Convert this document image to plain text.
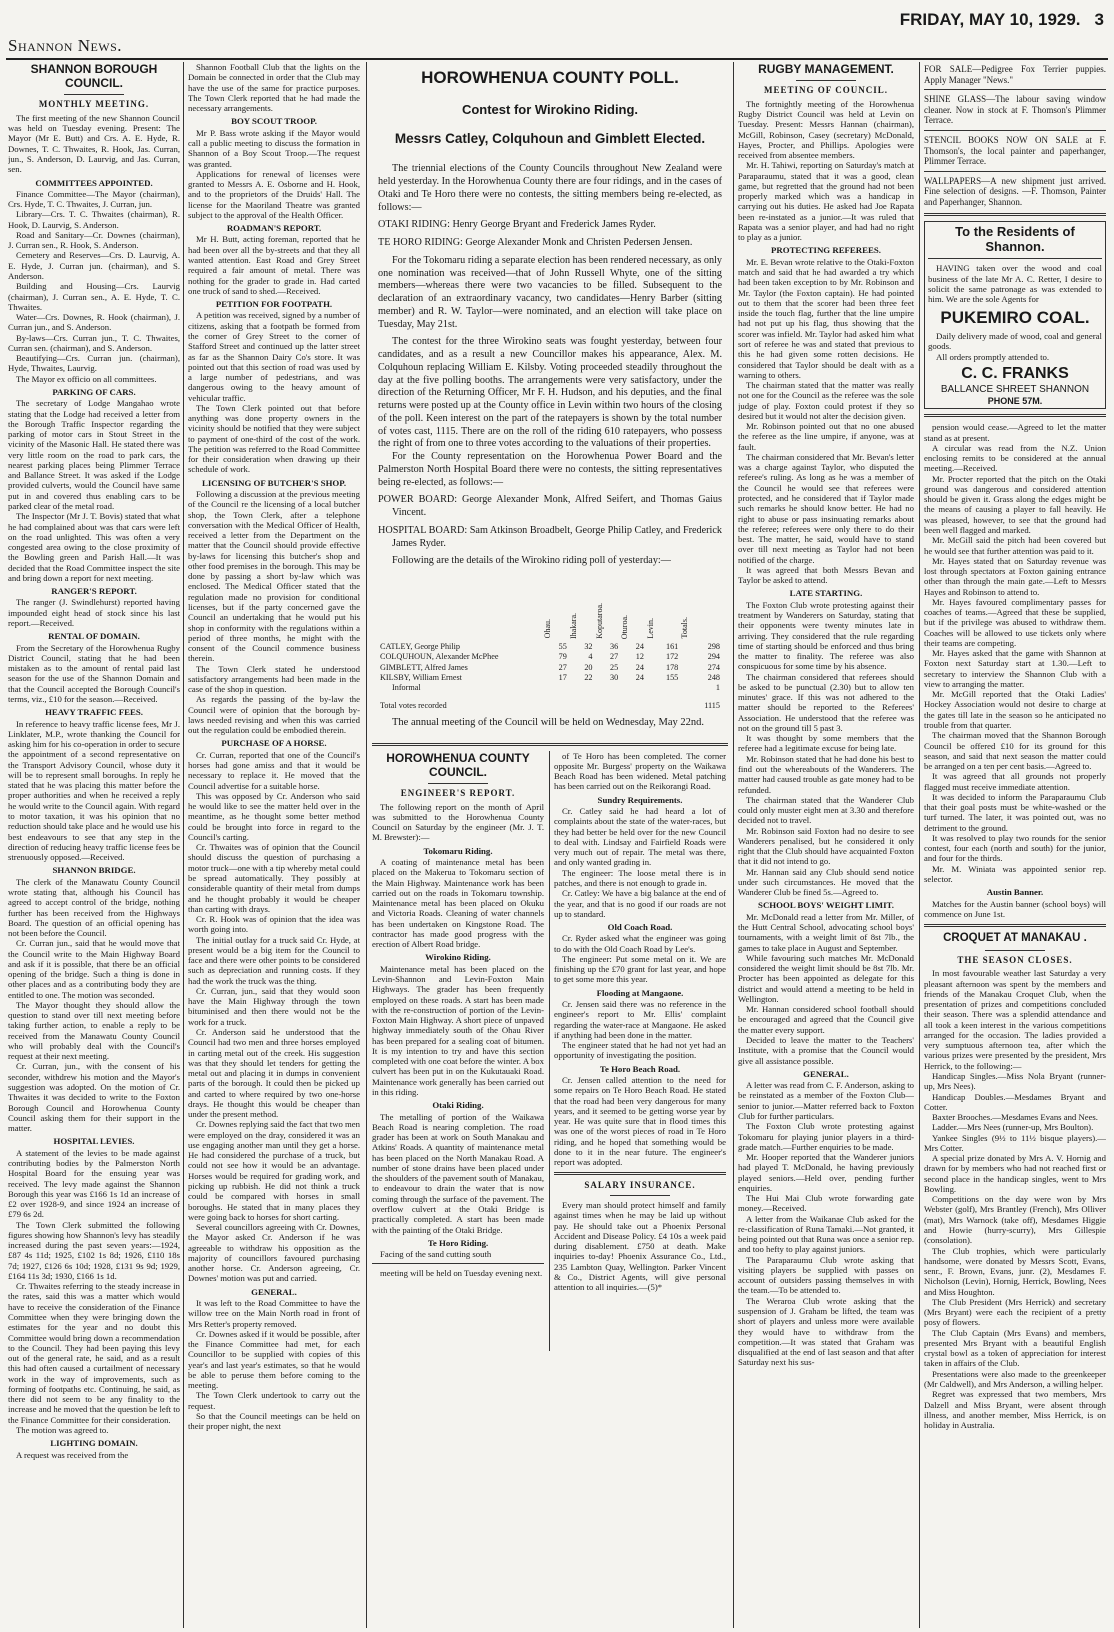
Shannon News.
FRIDAY, MAY 10, 1929. 3
SHANNON BOROUGH COUNCIL.
MONTHLY MEETING.

The first meeting of the new Shannon Council was held on Tuesday evening. Present: The Mayor (Mr E. Butt) and Crs. A. E. Hyde, R. Downes, T. C. Thwaites, R. Hook, Jas. Curran, jun., S. Anderson, D. Laurvig, and Jas. Curran, sen.

COMMITTEES APPOINTED.

Finance Committee—The Mayor (chairman), Crs. Hyde, T. C. Thwaites, J. Curran, jun.

Library—Crs. T. C. Thwaites (chairman), R. Hook, D. Laurvig, S. Anderson.

Road and Sanitary—Cr. Downes (chairman), J. Curran sen., R. Hook, S. Anderson.

Cemetery and Reserves—Crs. D. Laurvig, A. E. Hyde, J. Curran jun. (chairman), and S. Anderson.

Building and Housing—Crs. Laurvig (chairman), J. Curran sen., A. E. Hyde, T. C. Thwaites.

Water—Crs. Downes, R. Hook (chairman), J. Curran jun., and S. Anderson.

By-laws—Crs. Curran jun., T. C. Thwaites, Curran sen. (chairman), and S. Anderson.

Beautifying—Crs. Curran jun. (chairman), Hyde, Thwaites, Laurvig.

The Mayor ex officio on all committees.

PARKING OF CARS.

The secretary of Lodge Mangahao wrote stating that the Lodge had received a letter from the Borough Traffic Inspector regarding the parking of motor cars in Stout Street in the vicinity of the Masonic Hall. He stated there was very little room on the road to park cars, the nearest parking places being Plimmer Terrace and Ballance Street. It was asked if the Lodge provided culverts, would the Council have same put in and covered thus enabling cars to be parked clear of the metal road.

The Inspector (Mr J. T. Bovis) stated that what he had complained about was that cars were left on the road unlighted. This was often a very congested area owing to the close proximity of the Bowling green and Parish Hall.—It was decided that the Road Committee inspect the site and bring down a report for next meeting.

RANGER'S REPORT.

The ranger (J. Swindlehurst) reported having impounded eight head of stock since his last report.—Received.

RENTAL OF DOMAIN.

From the Secretary of the Horowhenua Rugby District Council, stating that he had been mistaken as to the amount of rental paid last season for the use of the Shannon Domain and that the Council accepted the Borough Council's terms, viz., £10 for the season.—Received.

HEAVY TRAFFIC FEES.

In reference to heavy traffic license fees, Mr J. Linklater, M.P., wrote thanking the Council for asking him for his co-operation in order to secure the appointment of a second representative on the Transport Advisory Council, whose duty it will be to represent small boroughs. In reply he stated that he was placing this matter before the proper authorities and when he received a reply he would write to the Council again. With regard to motor taxation, it was his opinion that no reduction should take place and he would use his best endeavours to see that any step in the direction of reducing heavy traffic license fees be strenuously opposed.—Received.

SHANNON BRIDGE.

The clerk of the Manawatu County Council wrote stating that, although his Council has agreed to accept control of the bridge, nothing further has been received from the Highways Board. The question of an official opening has not been before the Council.

Cr. Curran jun., said that he would move that the Council write to the Main Highway Board and ask if it is possible, that there be an official opening of the bridge. Such a thing is done in other places and as a contributing body they are entitled to one. The motion was seconded.

The Mayor thought they should allow the question to stand over till next meeting before taking further action, to enable a reply to be received from the Manawatu County Council who will probably deal with the Council's request at their next meeting.

Cr. Curran, jun., with the consent of his seconder, withdrew his motion and the Mayor's suggestion was adopted. On the motion of Cr. Thwaites it was decided to write to the Foxton Borough Council and Horowhenua County Council asking them for their support in the matter.

HOSPITAL LEVIES.

A statement of the levies to be made against contributing bodies by the Palmerston North Hospital Board for the ensuing year was received. The levy made against the Shannon Borough this year was £166 1s 1d an increase of £2 over 1928-9, and since 1924 an increase of £79 6s 2d.

The Town Clerk submitted the following figures showing how Shannon's levy has steadily increased during the past seven years:—1924, £87 4s 11d; 1925, £102 1s 8d; 1926, £110 18s 7d; 1927, £126 6s 10d; 1928, £131 9s 9d; 1929, £164 11s 3d; 1930, £166 1s 1d.

Cr. Thwaites referring to the steady increase in the rates, said this was a matter which would have to receive the consideration of the Finance Committee when they were bringing down the estimates for the year and no doubt this Committee would bring down a recommendation to the Council. They had been paying this levy out of the general rate, he said, and as a result this had often caused a curtailment of necessary work in the way of improvements, such as forming of footpaths etc. Continuing, he said, as there did not seem to be any finality to the increase and he moved that the question be left to the Finance Committee for their consideration.

The motion was agreed to.

LIGHTING DOMAIN.

A request was received from the

Shannon Football Club that the lights on the Domain be connected in order that the Club may have the use of the same for practice purposes. The Town Clerk reported that he had made the necessary arrangements.

BOY SCOUT TROOP.

Mr P. Bass wrote asking if the Mayor would call a public meeting to discuss the formation in Shannon of a Boy Scout Troop.—The request was granted.

Applications for renewal of licenses were granted to Messrs A. E. Osborne and H. Hook, and to the proprietors of the Druids' Hall. The license for the Maoriland Theatre was granted subject to the approval of the Health Officer.

ROADMAN'S REPORT.

Mr H. Butt, acting foreman, reported that he had been over all the by-streets and that they all wanted attention. East Road and Grey Street required a fair amount of metal. There was nothing for the grader to grade in. Had carted one truck of sand to shed.—Received.

PETITION FOR FOOTPATH.

A petition was received, signed by a number of citizens, asking that a footpath be formed from the corner of Grey Street to the corner of Stafford Street and continued up the latter street as far as the Shannon Dairy Co's store. It was pointed out that this section of road was used by a large number of pedestrians, and was dangerous owing to the heavy amount of vehicular traffic.

The Town Clerk pointed out that before anything was done property owners in the vicinity should be notified that they were subject to payment of one-third of the cost of the work. The petition was referred to the Road Committee for their consideration when drawing up their schedule of work.

LICENSING OF BUTCHER'S SHOP.

Following a discussion at the previous meeting of the Council re the licensing of a local butcher shop, the Town Clerk, after a telephone conversation with the Medical Officer of Health, received a letter from the Department on the matter that the Council should provide effective by-laws for licensing this butcher's shop and other food premises in the borough. This may be done by passing a short by-law which was enclosed. The Medical Officer stated that the regulation made no provision for conditional licenses, but if the party concerned gave the Council an undertaking that he would put his shop in conformity with the regulations within a period of three months, he might with the consent of the Council commence business therein.

The Town Clerk stated he understood satisfactory arrangements had been made in the case of the shop in question.

As regards the passing of the by-law the Council were of opinion that the borough by-laws needed revising and when this was carried out the regulation could be embodied therein.

PURCHASE OF A HORSE.

Cr. Curran, reported that one of the Council's horses had gone amiss and that it would be necessary to replace it. He moved that the Council advertise for a suitable horse.

This was opposed by Cr. Anderson who said he would like to see the matter held over in the meantime, as he thought some better method could be brought into force in regard to the Council's carting.

Cr. Thwaites was of opinion that the Council should discuss the question of purchasing a motor truck—one with a tip whereby metal could be spread automatically. They possibly at considerable quantity of their metal from dumps and he thought probably it would be cheaper than carting with drays.

Cr. R. Hook was of opinion that the idea was worth going into.

The initial outlay for a truck said Cr. Hyde, at present would be a big item for the Council to face and there were other points to be considered such as depreciation and running costs. If they had the work the truck was the thing.

Cr. Curran, jun., said that they would soon have the Main Highway through the town bituminised and then there would not be the work for a truck.

Cr. Anderson said he understood that the Council had two men and three horses employed in carting metal out of the creek. His suggestion was that they should let tenders for getting the metal out and placing it in dumps in convenient parts of the borough. It could then be picked up and carted to where required by two one-horse drays. He thought this would be cheaper than under the present method.

Cr. Downes replying said the fact that two men were employed on the dray, considered it was an use engaging another man until they get a horse. He had considered the purchase of a truck, but could not see how it would be an advantage. Horses would be required for grading work, and picking up rubbish. He did not think a truck could be compared with horses in small boroughs. He stated that in many places they were going back to horses for short carting.

Several councillors agreeing with Cr. Downes, the Mayor asked Cr. Anderson if he was agreeable to withdraw his opposition as the majority of councillors favoured purchasing another horse. Cr. Anderson agreeing, Cr. Downes' motion was put and carried.

GENERAL.

It was left to the Road Committee to have the willow tree on the Main North road in front of Mrs Retter's property removed.

Cr. Downes asked if it would be possible, after the Finance Committee had met, for each Councillor to be supplied with copies of this year's and last year's estimates, so that he would be able to peruse them before coming to the meeting.

The Town Clerk undertook to carry out the request.

So that the Council meetings can be held on their proper night, the next

HOROWHENUA COUNTY POLL.
Contest for Wirokino Riding.
Messrs Catley, Colquhoun and Gimblett Elected.

The triennial elections of the County Councils throughout New Zealand were held yesterday. In the Horowhenua County there are four ridings, and in the cases of Otaki and Te Horo there were no contests, the sitting members being re-elected, as follows:—

OTAKI RIDING: Henry George Bryant and Frederick James Ryder.
TE HORO RIDING: George Alexander Monk and Christen Pedersen Jensen.

For the Tokomaru riding a separate election has been rendered necessary, as only one nomination was received—that of John Russell Whyte, one of the sitting members—whereas there were two vacancies to be filled. Subsequent to the declaration of an extraordinary vacancy, two candidates—Henry Barber (sitting member) and R. W. Taylor—were nominated, and an election will take place on Tuesday, May 21st.

The contest for the three Wirokino seats was fought yesterday, between four candidates, and as a result a new Councillor makes his appearance, Alex. M. Colquhoun replacing William E. Kilsby. Voting proceeded steadily throughout the day at the five polling booths. The arrangements were very satisfactory, under the direction of the Returning Officer, Mr F. H. Hudson, and his deputies, and the final returns were posted up at the County office in Levin within two hours of the closing of the poll. Keen interest on the part of the ratepayers is shown by the total number of votes cast, 1115. There are on the roll of the riding 610 ratepayers, who possess the right of from one to three votes according to the valuations of their properties.

For the County representation on the Horowhenua Power Board and the Palmerston North Hospital Board there were no contests, the sitting representatives being re-elected, as follows:—

POWER BOARD: George Alexander Monk, Alfred Seifert, and Thomas Gaius Vincent.
HOSPITAL BOARD: Sam Atkinson Broadbelt, George Philip Catley, and Frederick James Ryder.

Following are the details of the Wirokino riding poll of yesterday:—

	Ohau.	Ihakara.	Koputaroa.	Oturoa.	Levin.	Totals.
CATLEY, George Philip	55	32	36	24	161	298
COLQUHOUN, Alexander McPhee	79	4	27	12	172	294
GIMBLETT, Alfred James	27	20	25	24	178	274
KILSBY, William Ernest	17	22	30	24	155	248
Informal						1
Total votes recorded						1115

The annual meeting of the Council will be held on Wednesday, May 22nd.

HOROWHENUA COUNTY COUNCIL.
ENGINEER'S REPORT.

The following report on the month of April was submitted to the Horowhenua County Council on Saturday by the engineer (Mr. J. T. M. Brewster):—

Tokomaru Riding.

A coating of maintenance metal has been placed on the Makerua to Tokomaru section of the Main Highway. Maintenance work has been carried out on the roads in Tokomaru township. Maintenance metal has been placed on Okuku and Victoria Roads. Cleaning of water channels has been undertaken on Kingstone Road. The contractor has made good progress with the erection of Albert Road bridge.

Wirokino Riding.

Maintenance metal has been placed on the Levin-Shannon and Levin-Foxton Main Highways. The grader has been frequently employed on these roads. A start has been made with the re-construction of portion of the Levin-Foxton Main Highway. A short piece of unpaved highway immediately south of the Ohau River has been prepared for a sealing coat of bitumen. It is my intention to try and have this section completed with one coat before the winter. A box culvert has been put in on the Kukutauaki Road. Maintenance work generally has been carried out in this riding.

Otaki Riding.

The metalling of portion of the Waikawa Beach Road is nearing completion. The road grader has been at work on South Manakau and Atkins' Roads. A quantity of maintenance metal has been placed on the North Manakau Road. A number of stone drains have been placed under the shoulders of the pavement south of Manakau, to endeavour to drain the water that is now coming through the surface of the pavement. The overflow culvert at the Otaki Bridge is practically completed. A start has been made with the painting of the Otaki Bridge.

Te Horo Riding.

Facing of the sand cutting south

meeting will be held on Tuesday evening next.

of Te Horo has been completed. The corner opposite Mr. Burgess' property on the Waikawa Beach Road has been widened. Metal patching has been carried out on the Reikorangi Road.

Sundry Requirements.

Cr. Catley said he had heard a lot of complaints about the state of the water-races, but they had better be held over for the new Council to deal with. Lindsay and Fairfield Roads were very much out of repair. The metal was there, and only wanted grading in.

The engineer: The loose metal there is in patches, and there is not enough to grade in.

Cr. Catley: We have a big balance at the end of the year, and that is no good if our roads are not up to standard.

Old Coach Road.

Cr. Ryder asked what the engineer was going to do with the Old Coach Road by Lee's.

The engineer: Put some metal on it. We are finishing up the £70 grant for last year, and hope to get some more this year.

Flooding at Mangaone.

Cr. Jensen said there was no reference in the engineer's report to Mr. Ellis' complaint regarding the water-race at Mangaone. He asked if anything had been done in the matter.

The engineer stated that he had not yet had an opportunity of investigating the position.

Te Horo Beach Road.

Cr. Jensen called attention to the need for some repairs on Te Horo Beach Road. He stated that the road had been very dangerous for many years, and it seemed to be getting worse year by year. He was quite sure that in flood times this was one of the worst pieces of road in Te Horo riding, and he hoped that something would be done to it in the near future. The engineer's report was adopted.

SALARY INSURANCE.

Every man should protect himself and family against times when he may be laid up without pay. He should take out a Phoenix Personal Accident and Disease Policy. £4 10s a week paid during disablement. £750 at death. Make inquiries to-day! Phoenix Assurance Co., Ltd., 235 Lambton Quay, Wellington. Parker Vincent & Co., District Agents, will give personal attention to all inquiries.—(5)*

RUGBY MANAGEMENT.
MEETING OF COUNCIL.

The fortnightly meeting of the Horowhenua Rugby District Council was held at Levin on Tuesday. Present: Messrs Hannan (chairman), McGill, Robinson, Casey (secretary) McDonald, Hayes, Procter, and Phillips. Apologies were received from absentee members.

Mr. H. Tahiwi, reporting on Saturday's match at Paraparaumu, stated that it was a good, clean game, but regretted that the ground had not been properly marked which was a handicap in carrying out his duties. He asked had Joe Rapata been re-instated as a junior.—It was ruled that Rapata was a senior player, and had had no right to play as a junior.

PROTECTING REFEREES.

Mr. E. Bevan wrote relative to the Otaki-Foxton match and said that he had awarded a try which had been taken exception to by Mr. Robinson and Mr. Taylor (the Foxton captain). He had pointed out to them that the scorer had been three feet inside the touch flag, further that the line umpire had not put up his flag, thus showing that the scorer was infield. Mr. Taylor had asked him what sort of referee he was and stated that previous to this he had given some rotten decisions. He considered that Taylor should be dealt with as a warning to others.

The chairman stated that the matter was really not one for the Council as the referee was the sole judge of play. Foxton could protest if they so desired but it would not alter the decision given.

Mr. Robinson pointed out that no one abused the referee as the line umpire, if anyone, was at fault.

The chairman considered that Mr. Bevan's letter was a charge against Taylor, who disputed the referee's ruling. As long as he was a member of the Council he would see that referees were protected, and he considered that if Taylor made such remarks he should know better. He had no right to abuse or pass insinuating remarks about the referee; referees were only there to do their best. The matter, he said, would have to stand over till next meeting as Taylor had not been notified of the charge.

It was agreed that both Messrs Bevan and Taylor be asked to attend.

LATE STARTING.

The Foxton Club wrote protesting against their treatment by Wanderers on Saturday, stating that their opponents were twenty minutes late in arriving. They considered that the rule regarding time of starting should be enforced and thus bring the matter to finality. The referee was also conspicuous for some time by his absence.

The chairman considered that referees should be asked to be punctual (2.30) but to allow ten minutes' grace. If this was not adhered to the matter should be reported to the Referees' Association. He understood that the referee was not on the ground till 5 past 3.

It was thought by some members that the referee had a legitimate excuse for being late.

Mr. Robinson stated that he had done his best to find out the whereabouts of the Wanderers. The matter had caused trouble as gate money had to be refunded.

The chairman stated that the Wanderer Club could only muster eight men at 3.30 and therefore decided not to travel.

Mr. Robinson said Foxton had no desire to see Wanderers penalised, but he considered it only right that the Club should have acquainted Foxton that it did not intend to go.

Mr. Hannan said any Club should send notice under such circumstances. He moved that the Wanderer Club be fined 5s.—Agreed to.

SCHOOL BOYS' WEIGHT LIMIT.

Mr. McDonald read a letter from Mr. Miller, of the Hutt Central School, advocating school boys' tournaments, with a weight limit of 8st 7lb., the games to take place in August and September.

While favouring such matches Mr. McDonald considered the weight limit should be 8st 7lb. Mr. Procter has been appointed as delegate for this district and would attend a meeting to be held in Wellington.

Mr. Hannan considered school football should be encouraged and agreed that the Council give the matter every support.

Decided to leave the matter to the Teachers' Institute, with a promise that the Council would give all assistance possible.

GENERAL.

A letter was read from C. F. Anderson, asking to be reinstated as a member of the Foxton Club—senior to junior.—Matter referred back to Foxton Club for further particulars.

The Foxton Club wrote protesting against Tokomaru for playing junior players in a third-grade match.—Further enquiries to be made.

Mr. Hooper reported that the Wanderer juniors had played T. McDonald, he having previously played seniors.—Held over, pending further enquiries.

The Hui Mai Club wrote forwarding gate money.—Received.

A letter from the Waikanae Club asked for the re-classification of Runa Tamaki.—Not granted, it being pointed out that Runa was once a senior rep. and too hefty to play against juniors.

The Paraparaumu Club wrote asking that visiting players be supplied with passes on account of outsiders passing themselves in with the team.—To be attended to.

The Weraroa Club wrote asking that the suspension of J. Graham be lifted, the team was short of players and unless more were available they would have to withdraw from the competition.—It was stated that Graham was disqualified at the end of last season and that after Saturday next his sus-

FOR SALE—Pedigree Fox Terrier puppies. Apply Manager "News."
SHINE GLASS—The labour saving window cleaner. Now in stock at F. Thomson's Plimmer Terrace.
STENCIL BOOKS NOW ON SALE at F. Thomson's, the local painter and paperhanger, Plimmer Terrace.
WALLPAPERS—A new shipment just arrived. Fine selection of designs. —F. Thomson, Painter and Paperhanger, Shannon.
To the Residents of Shannon.

HAVING taken over the wood and coal business of the late Mr A. C. Retter, I desire to solicit the same patronage as was extended to him. We are the sole Agents for

PUKEMIRO COAL.

Daily delivery made of wood, coal and general goods.

All orders promptly attended to.

C. C. FRANKS
BALLANCE SHREET SHANNON
PHONE 57M.

pension would cease.—Agreed to let the matter stand as at present.

A circular was read from the N.Z. Union enclosing remits to be considered at the annual meeting.—Received.

Mr. Procter reported that the pitch on the Otaki ground was dangerous and considered attention should be given it. Grass along the edges might be the means of causing a player to fall heavily. He was pleased, however, to see that the ground had been well flagged and marked.

Mr. McGill said the pitch had been covered but he would see that further attention was paid to it.

Mr. Hayes stated that on Saturday revenue was lost through spectators at Foxton gaining entrance other than through the main gate.—Left to Messrs Hayes and Robinson to attend to.

Mr. Hayes favoured complimentary passes for coaches of teams.—Agreed that these be supplied, but if the privilege was abused to withdraw them. Coaches will be allowed to use tickets only where their teams are competing.

Mr. Hayes asked that the game with Shannon at Foxton next Saturday start at 1.30.—Left to secretary to interview the Shannon Club with a view to arranging the matter.

Mr. McGill reported that the Otaki Ladies' Hockey Association would not desire to charge at the gates till late in the season so he anticipated no trouble from that quarter.

The chairman moved that the Shannon Borough Council be offered £10 for its ground for this season, and said that next season the matter could be arranged on a ten per cent basis.—Agreed to.

It was agreed that all grounds not properly flagged must receive immediate attention.

It was decided to inform the Paraparaumu Club that their goal posts must be white-washed or the turf turned. The later, it was pointed out, was no detriment to the ground.

It was resolved to play two rounds for the senior contest, four each (north and south) for the junior, and four for the thirds.

Mr. M. Winiata was appointed senior rep. selector.

Austin Banner.

Matches for the Austin banner (school boys) will commence on June 1st.

CROQUET AT MANAKAU .
THE SEASON CLOSES.

In most favourable weather last Saturday a very pleasant afternoon was spent by the members and friends of the Manakau Croquet Club, when the presentation of prizes and competitions concluded their season. There was a splendid attendance and all took a keen interest in the various competitions arranged for the occasion. The ladies provided a very sumptuous afternoon tea, after which the various prizes were presented by the president, Mrs Herrick, to the following:—

Handicap Singles.—Miss Nola Bryant (runner-up, Mrs Nees).

Handicap Doubles.—Mesdames Bryant and Cotter.

Baxter Brooches.—Mesdames Evans and Nees.

Ladder.—Mrs Nees (runner-up, Mrs Boulton).

Yankee Singles (9½ to 11½ bisque players).—Mrs Cotter.

A special prize donated by Mrs A. V. Hornig and drawn for by members who had not reached first or second place in the handicap singles, went to Mrs Bowling.

Competitions on the day were won by Mrs Webster (golf), Mrs Brantley (French), Mrs Olliver (mat), Mrs Warnock (take off), Mesdames Higgie and Howie (hurry-scurry), Mrs Gillespie (consolation).

The Club trophies, which were particularly handsome, were donated by Messrs Scott, Evans, senr., F. Brown, Evans, junr. (2), Mesdames F. Nicholson (Levin), Hornig, Herrick, Bowling, Nees and Miss Houghton.

The Club President (Mrs Herrick) and secretary (Mrs Bryant) were each the recipient of a pretty posy of flowers.

The Club Captain (Mrs Evans) and members, presented Mrs Bryant with a beautiful English crystal bowl as a token of appreciation for interest taken in affairs of the Club.

Presentations were also made to the greenkeeper (Mr Caldwell), and Mrs Anderson, a willing helper.

Regret was expressed that two members, Mrs Dalzell and Miss Bryant, were absent through illness, and another member, Miss Herrick, is on holiday in Australia.
